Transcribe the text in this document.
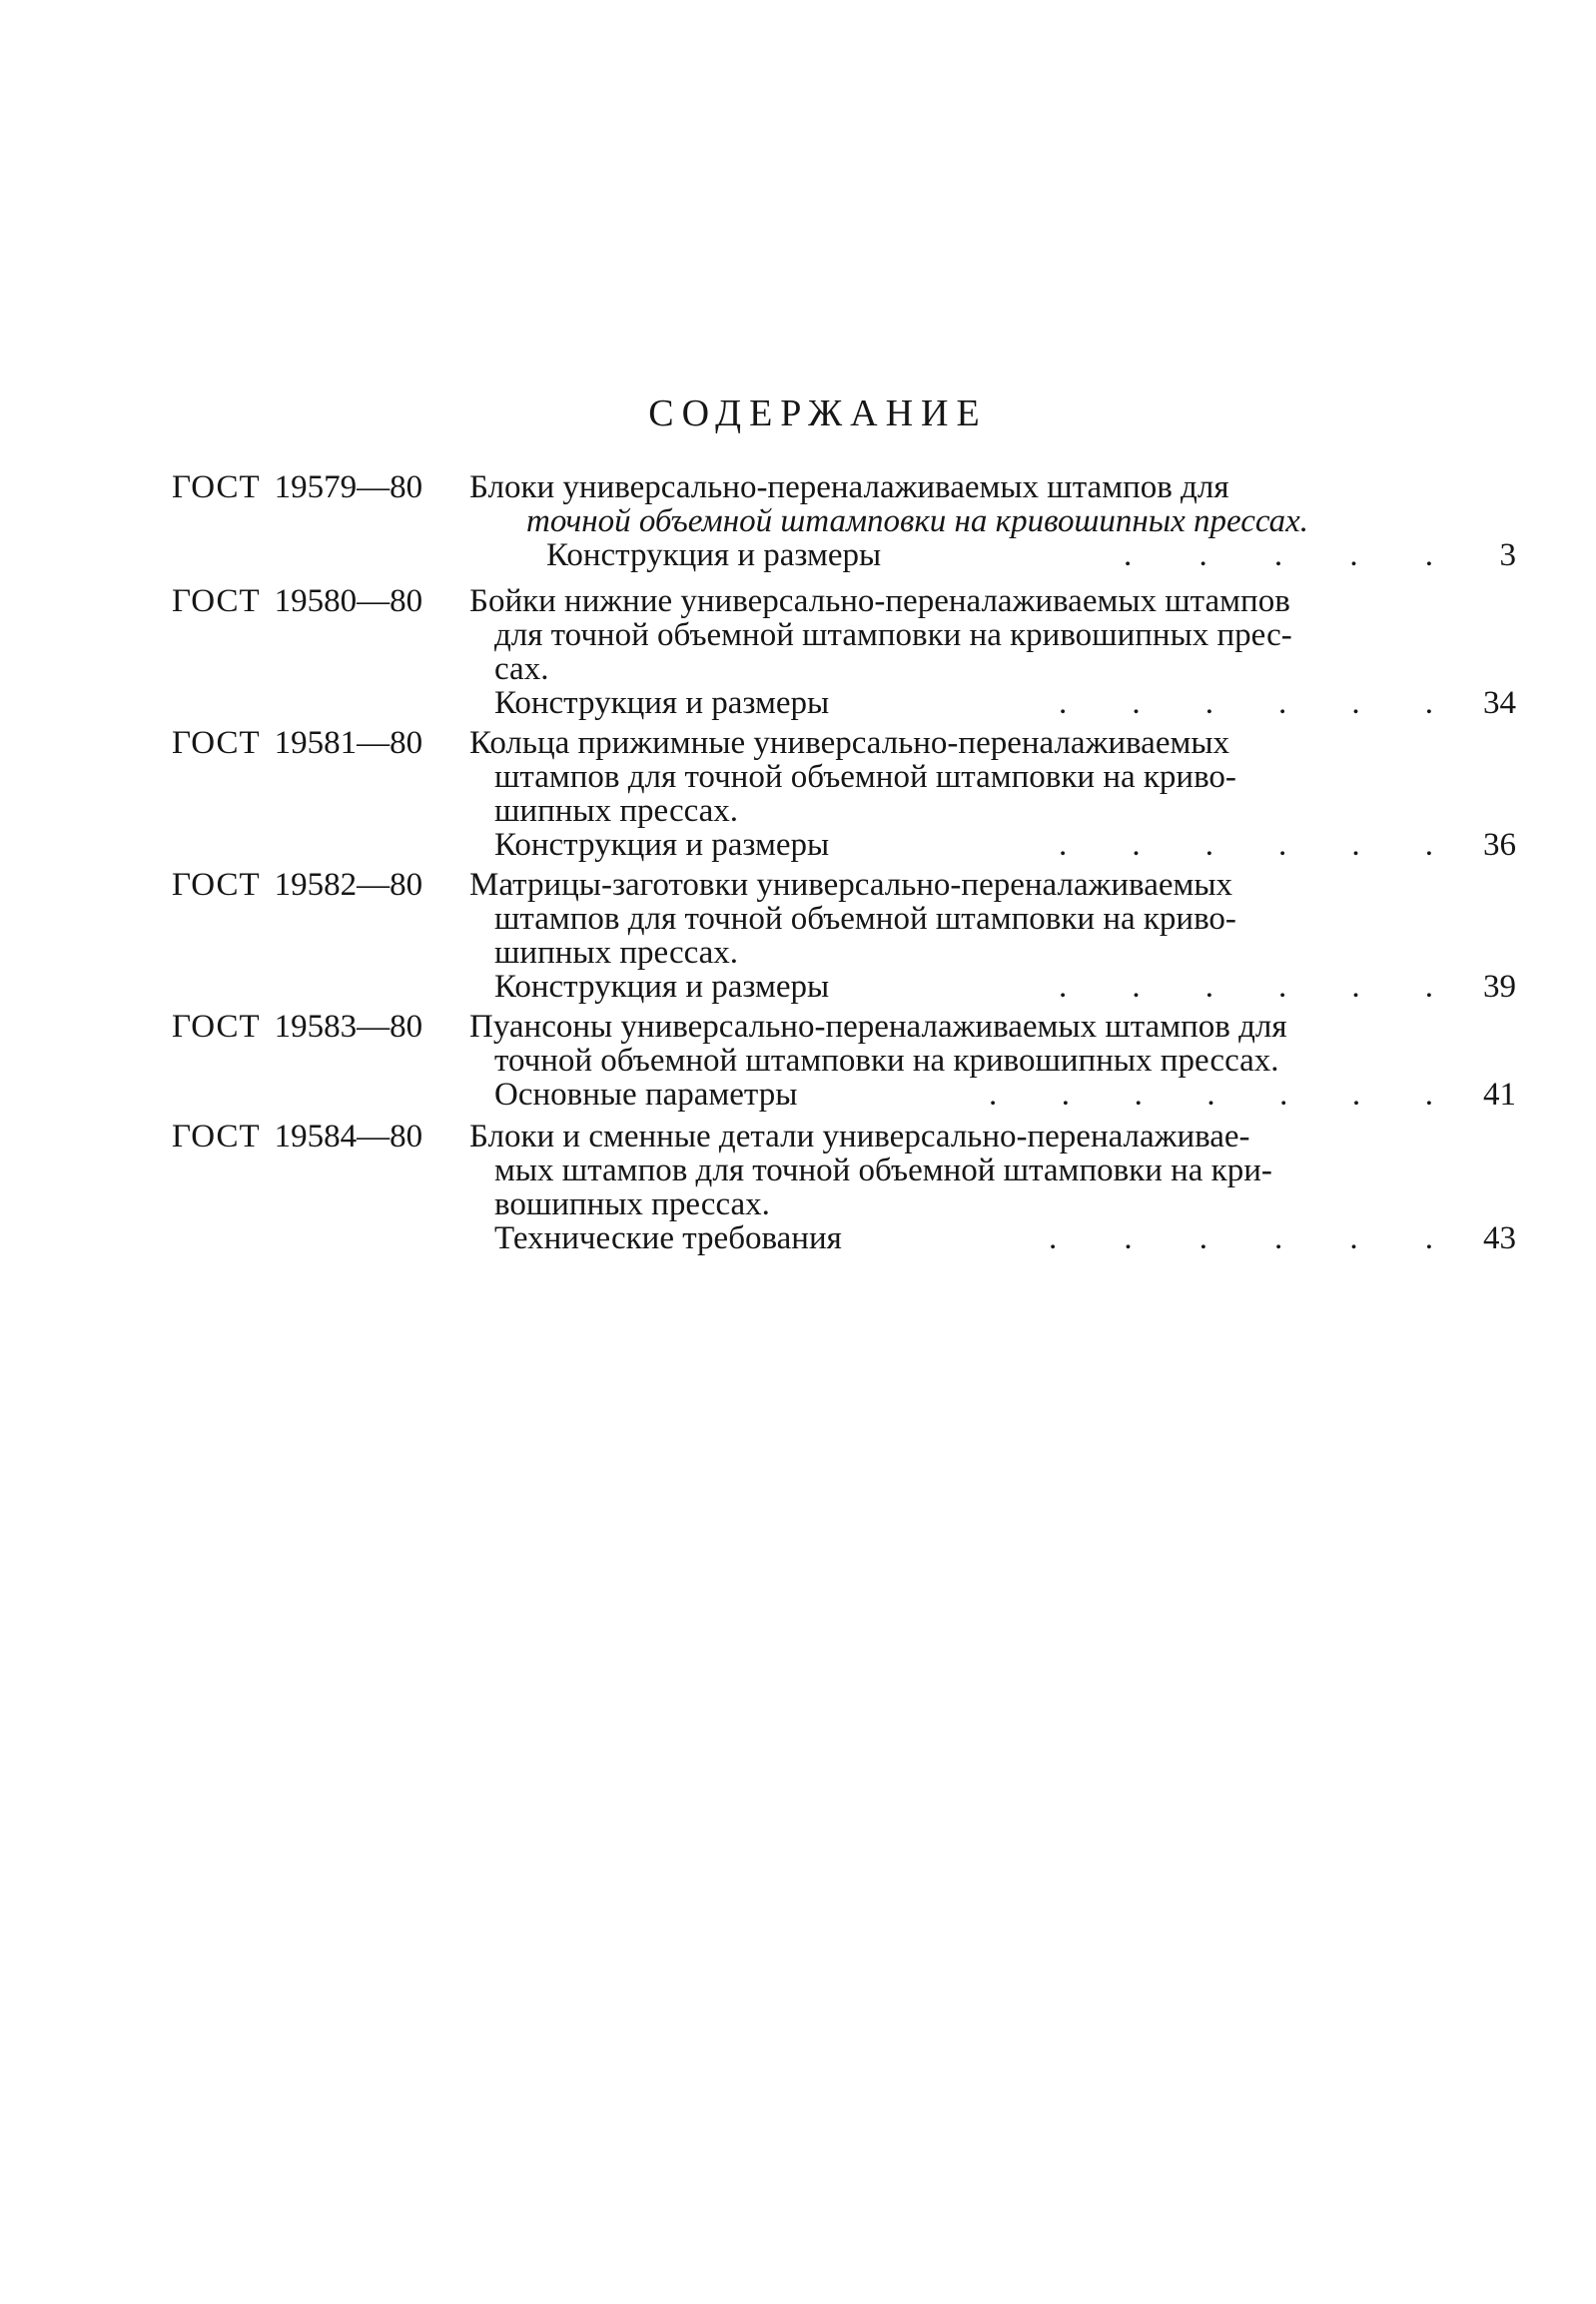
СОДЕРЖАНИЕ
ГОСТ 19579—80 Блоки универсально-переналаживаемых штампов для
точной объемной штамповки на кривошипных прессах.
Конструкция и размеры	. . . . .	3
ГОСТ 19580—80 Бойки нижние универсально-переналаживаемых штампов
для точной объемной штамповки на кривошипных прес-
сах.
Конструкция и размеры	. . . . . .	34
ГОСТ 19581—80 Кольца прижимные универсально-переналаживаемых
штампов для точной объемной штамповки на криво-
шипных прессах.
Конструкция и размеры	. . . . . .	36
ГОСТ 19582—80 Матрицы-заготовки универсально-переналаживаемых
штампов для точной объемной штамповки на криво-
шипных прессах.
Конструкция и размеры	. . . . . .	39
ГОСТ 19583—80 Пуансоны универсально-переналаживаемых штампов для
точной объемной штамповки на кривошипных прессах.
Основные параметры	. . . . . . .	41
ГОСТ 19584—80 Блоки и сменные детали универсально-переналаживае-
мых штампов для точной объемной штамповки на кри-
вошипных прессах.
Технические требования	. . . . . .	43
